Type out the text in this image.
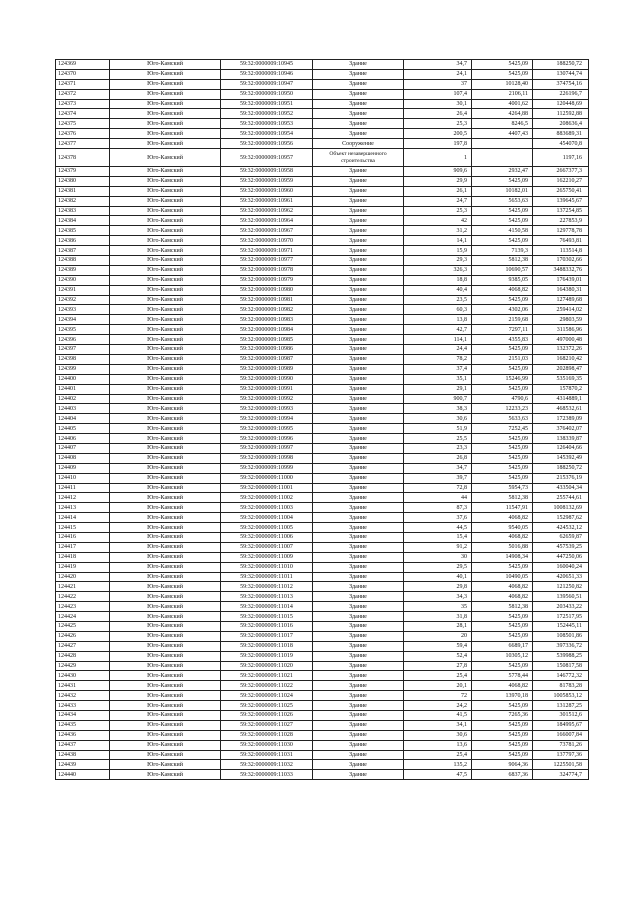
124369	Юго-Камский	59:32:0000009:10945	Здание	34,7	5425,09	188250,72
124370	Юго-Камский	59:32:0000009:10946	Здание	24,1	5425,09	130744,74
124371	Юго-Камский	59:32:0000009:10947	Здание	37	10128,40	374754,16
124372	Юго-Камский	59:32:0000009:10950	Здание	107,4	2106,11	226196,7
124373	Юго-Камский	59:32:0000009:10951	Здание	30,1	4001,62	120448,69
124374	Юго-Камский	59:32:0000009:10952	Здание	26,4	4264,88	112592,88
124375	Юго-Камский	59:32:0000009:10953	Здание	25,3	8246,5	208636,4
124376	Юго-Камский	59:32:0000009:10954	Здание	200,5	4407,43	883689,31
124377	Юго-Камский	59:32:0000009:10956	Сооружение	197,8		454070,8
124378	Юго-Камский	59:32:0000009:10957	Объект незавершенного строительства	1		1197,16
124379	Юго-Камский	59:32:0000009:10958	Здание	909,6	2932,47	2667377,3
124380	Юго-Камский	59:32:0000009:10959	Здание	29,9	5425,09	162210,27
124381	Юго-Камский	59:32:0000009:10960	Здание	26,1	10182,01	265750,41
124382	Юго-Камский	59:32:0000009:10961	Здание	24,7	5653,63	139645,67
124383	Юго-Камский	59:32:0000009:10962	Здание	25,3	5425,09	137254,85
124384	Юго-Камский	59:32:0000009:10964	Здание	42	5425,09	227853,9
124385	Юго-Камский	59:32:0000009:10967	Здание	31,2	4150,58	129778,78
124386	Юго-Камский	59:32:0000009:10970	Здание	14,1	5425,09	76493,81
124387	Юго-Камский	59:32:0000009:10971	Здание	15,9	7139,3	113514,8
124388	Юго-Камский	59:32:0000009:10977	Здание	29,3	5812,38	170302,66
124389	Юго-Камский	59:32:0000009:10978	Здание	326,3	10690,57	3488332,76
124390	Юго-Камский	59:32:0000009:10979	Здание	18,8	9385,05	176439,01
124391	Юго-Камский	59:32:0000009:10980	Здание	40,4	4068,82	164380,31
124392	Юго-Камский	59:32:0000009:10981	Здание	23,5	5425,09	127489,68
124393	Юго-Камский	59:32:0000009:10982	Здание	60,3	4302,06	259414,02
124394	Юго-Камский	59:32:0000009:10983	Здание	13,8	2159,68	29803,59
124395	Юго-Камский	59:32:0000009:10984	Здание	42,7	7297,11	311586,96
124396	Юго-Камский	59:32:0000009:10985	Здание	114,1	4355,83	497000,48
124397	Юго-Камский	59:32:0000009:10986	Здание	24,4	5425,09	132372,26
124398	Юго-Камский	59:32:0000009:10987	Здание	78,2	2151,03	168210,42
124399	Юго-Камский	59:32:0000009:10989	Здание	37,4	5425,09	202898,47
124400	Юго-Камский	59:32:0000009:10990	Здание	35,1	15246,99	535169,35
124401	Юго-Камский	59:32:0000009:10991	Здание	29,1	5425,09	157870,2
124402	Юго-Камский	59:32:0000009:10992	Здание	900,7	4790,6	4314889,1
124403	Юго-Камский	59:32:0000009:10993	Здание	38,3	12233,23	468532,61
124404	Юго-Камский	59:32:0000009:10994	Здание	30,6	5633,63	172389,09
124405	Юго-Камский	59:32:0000009:10995	Здание	51,9	7252,45	376402,07
124406	Юго-Камский	59:32:0000009:10996	Здание	25,5	5425,09	138339,87
124407	Юго-Камский	59:32:0000009:10997	Здание	23,3	5425,09	126404,66
124408	Юго-Камский	59:32:0000009:10998	Здание	26,8	5425,09	145392,49
124409	Юго-Камский	59:32:0000009:10999	Здание	34,7	5425,09	188250,72
124410	Юго-Камский	59:32:0000009:11000	Здание	39,7	5425,09	215376,19
124411	Юго-Камский	59:32:0000009:11001	Здание	72,8	5954,73	433504,34
124412	Юго-Камский	59:32:0000009:11002	Здание	44	5812,38	255744,61
124413	Юго-Камский	59:32:0000009:11003	Здание	87,3	11547,91	1008132,69
124414	Юго-Камский	59:32:0000009:11004	Здание	37,6	4068,82	152987,62
124415	Юго-Камский	59:32:0000009:11005	Здание	44,5	9540,05	424532,12
124416	Юго-Камский	59:32:0000009:11006	Здание	15,4	4068,82	62659,87
124417	Юго-Камский	59:32:0000009:11007	Здание	91,2	5016,88	457539,25
124418	Юго-Камский	59:32:0000009:11009	Здание	30	14908,34	447250,06
124419	Юго-Камский	59:32:0000009:11010	Здание	29,5	5425,09	160040,24
124420	Юго-Камский	59:32:0000009:11011	Здание	40,1	10490,05	420651,33
124421	Юго-Камский	59:32:0000009:11012	Здание	29,8	4068,82	121250,82
124422	Юго-Камский	59:32:0000009:11013	Здание	34,3	4068,82	139560,51
124423	Юго-Камский	59:32:0000009:11014	Здание	35	5812,38	203433,22
124424	Юго-Камский	59:32:0000009:11015	Здание	31,8	5425,09	172517,95
124425	Юго-Камский	59:32:0000009:11016	Здание	28,1	5425,09	152445,11
124426	Юго-Камский	59:32:0000009:11017	Здание	20	5425,09	108501,86
124427	Юго-Камский	59:32:0000009:11018	Здание	59,4	6689,17	397336,72
124428	Юго-Камский	59:32:0000009:11019	Здание	52,4	10305,12	539988,25
124429	Юго-Камский	59:32:0000009:11020	Здание	27,8	5425,09	150817,58
124430	Юго-Камский	59:32:0000009:11021	Здание	25,4	5778,44	146772,32
124431	Юго-Камский	59:32:0000009:11022	Здание	20,1	4068,82	81783,28
124432	Юго-Камский	59:32:0000009:11024	Здание	72	13970,18	1005853,12
124433	Юго-Камский	59:32:0000009:11025	Здание	24,2	5425,09	131287,25
124434	Юго-Камский	59:32:0000009:11026	Здание	41,5	7265,36	301512,6
124435	Юго-Камский	59:32:0000009:11027	Здание	34,1	5425,09	184995,67
124436	Юго-Камский	59:32:0000009:11028	Здание	30,6	5425,09	166007,84
124437	Юго-Камский	59:32:0000009:11030	Здание	13,6	5425,09	73781,26
124438	Юго-Камский	59:32:0000009:11031	Здание	25,4	5425,09	137797,36
124439	Юго-Камский	59:32:0000009:11032	Здание	135,2	9064,36	1225501,58
124440	Юго-Камский	59:32:0000009:11033	Здание	47,5	6837,36	324774,7
